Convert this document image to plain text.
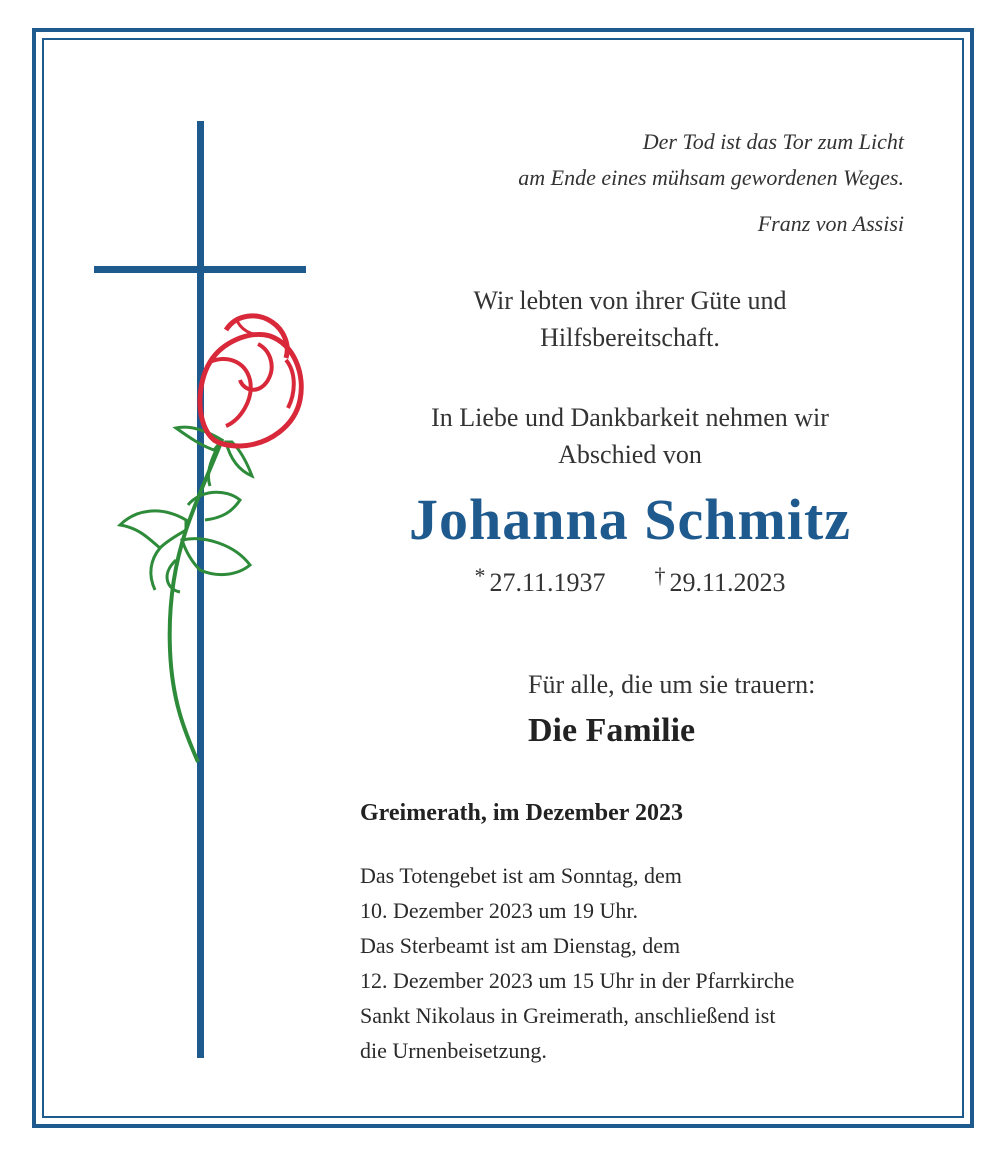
Der Tod ist das Tor zum Licht
am Ende eines mühsam gewordenen Weges.
Franz von Assisi
Wir lebten von ihrer Güte und
Hilfsbereitschaft.
In Liebe und Dankbarkeit nehmen wir
Abschied von
Johanna Schmitz
* 27.11.1937 † 29.11.2023
Für alle, die um sie trauern:
Die Familie
Greimerath, im Dezember 2023
Das Totengebet ist am Sonntag, dem
10. Dezember 2023 um 19 Uhr.
Das Sterbeamt ist am Dienstag, dem
12. Dezember 2023 um 15 Uhr in der Pfarrkirche
Sankt Nikolaus in Greimerath, anschließend ist
die Urnenbeisetzung.
